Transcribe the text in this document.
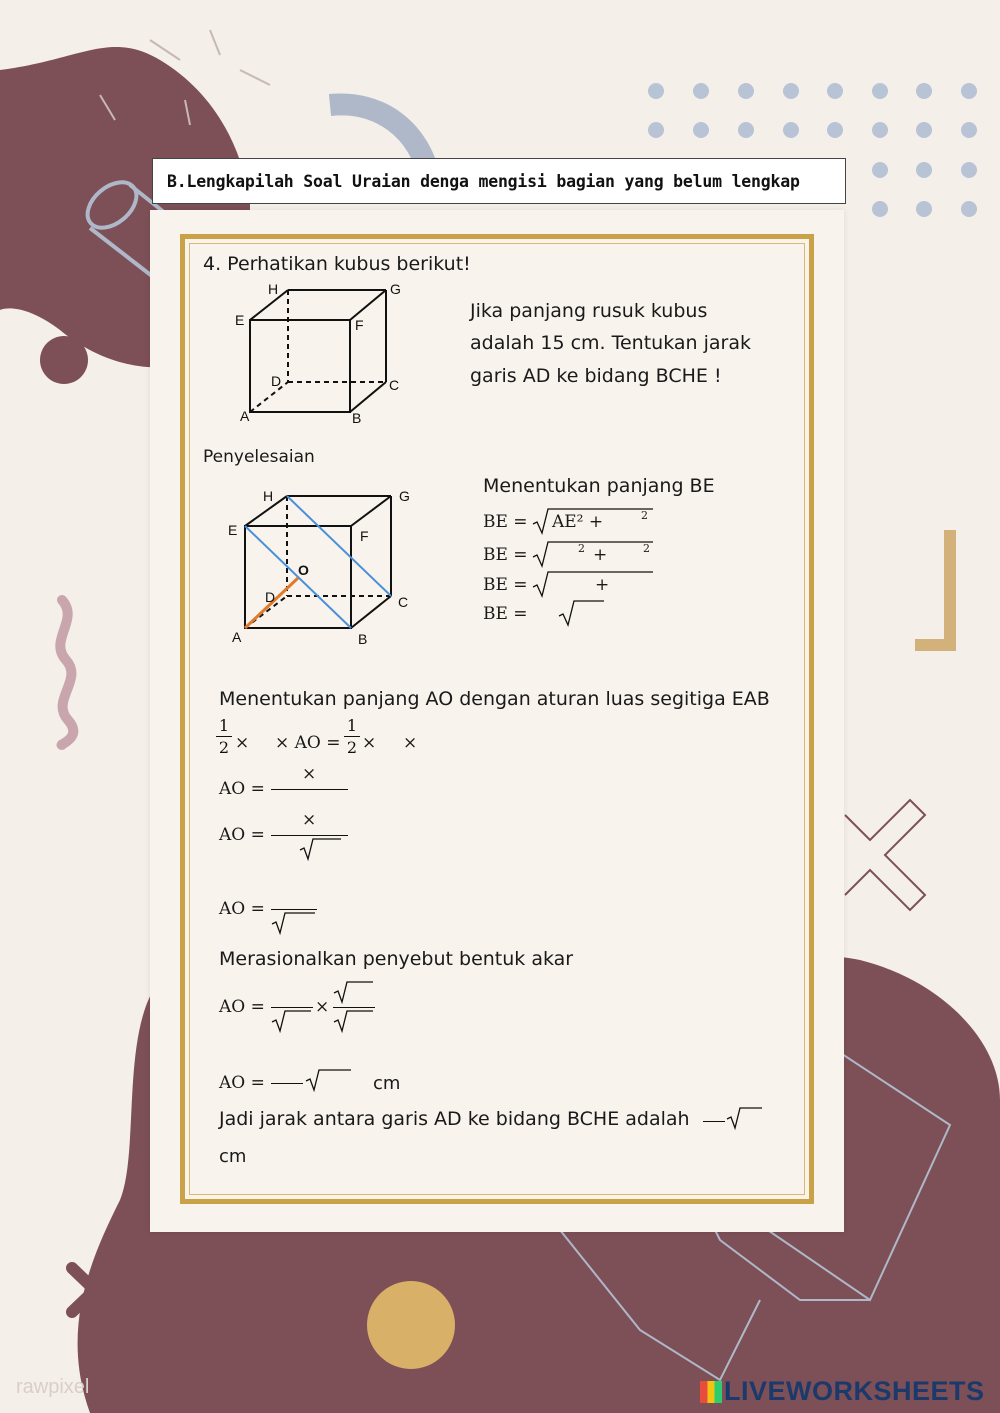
B.Lengkapilah Soal Uraian denga mengisi bagian yang belum lengkap
4. Perhatikan kubus berikut!
H	G
E	F
D	C
A	B
Jika panjang rusuk kubus
adalah 15 cm. Tentukan jarak
garis AD ke bidang BCHE !
Penyelesaian
H	G
E	F
O
D	C
A	B
Menentukan panjang BE
BE = AE² +	2
BE =	2 +	2
BE =	+
BE =
Menentukan panjang AO dengan aturan luas segitiga EAB
1
2 × × AO =
1
2 × ×
AO =
×
AO =
×
AO =
Merasionalkan penyebut bentuk akar
AO =	×
AO =	cm
Jadi jarak antara garis AD ke bidang BCHE adalah
cm
rawpixel	LIVEWORKSHEETS
